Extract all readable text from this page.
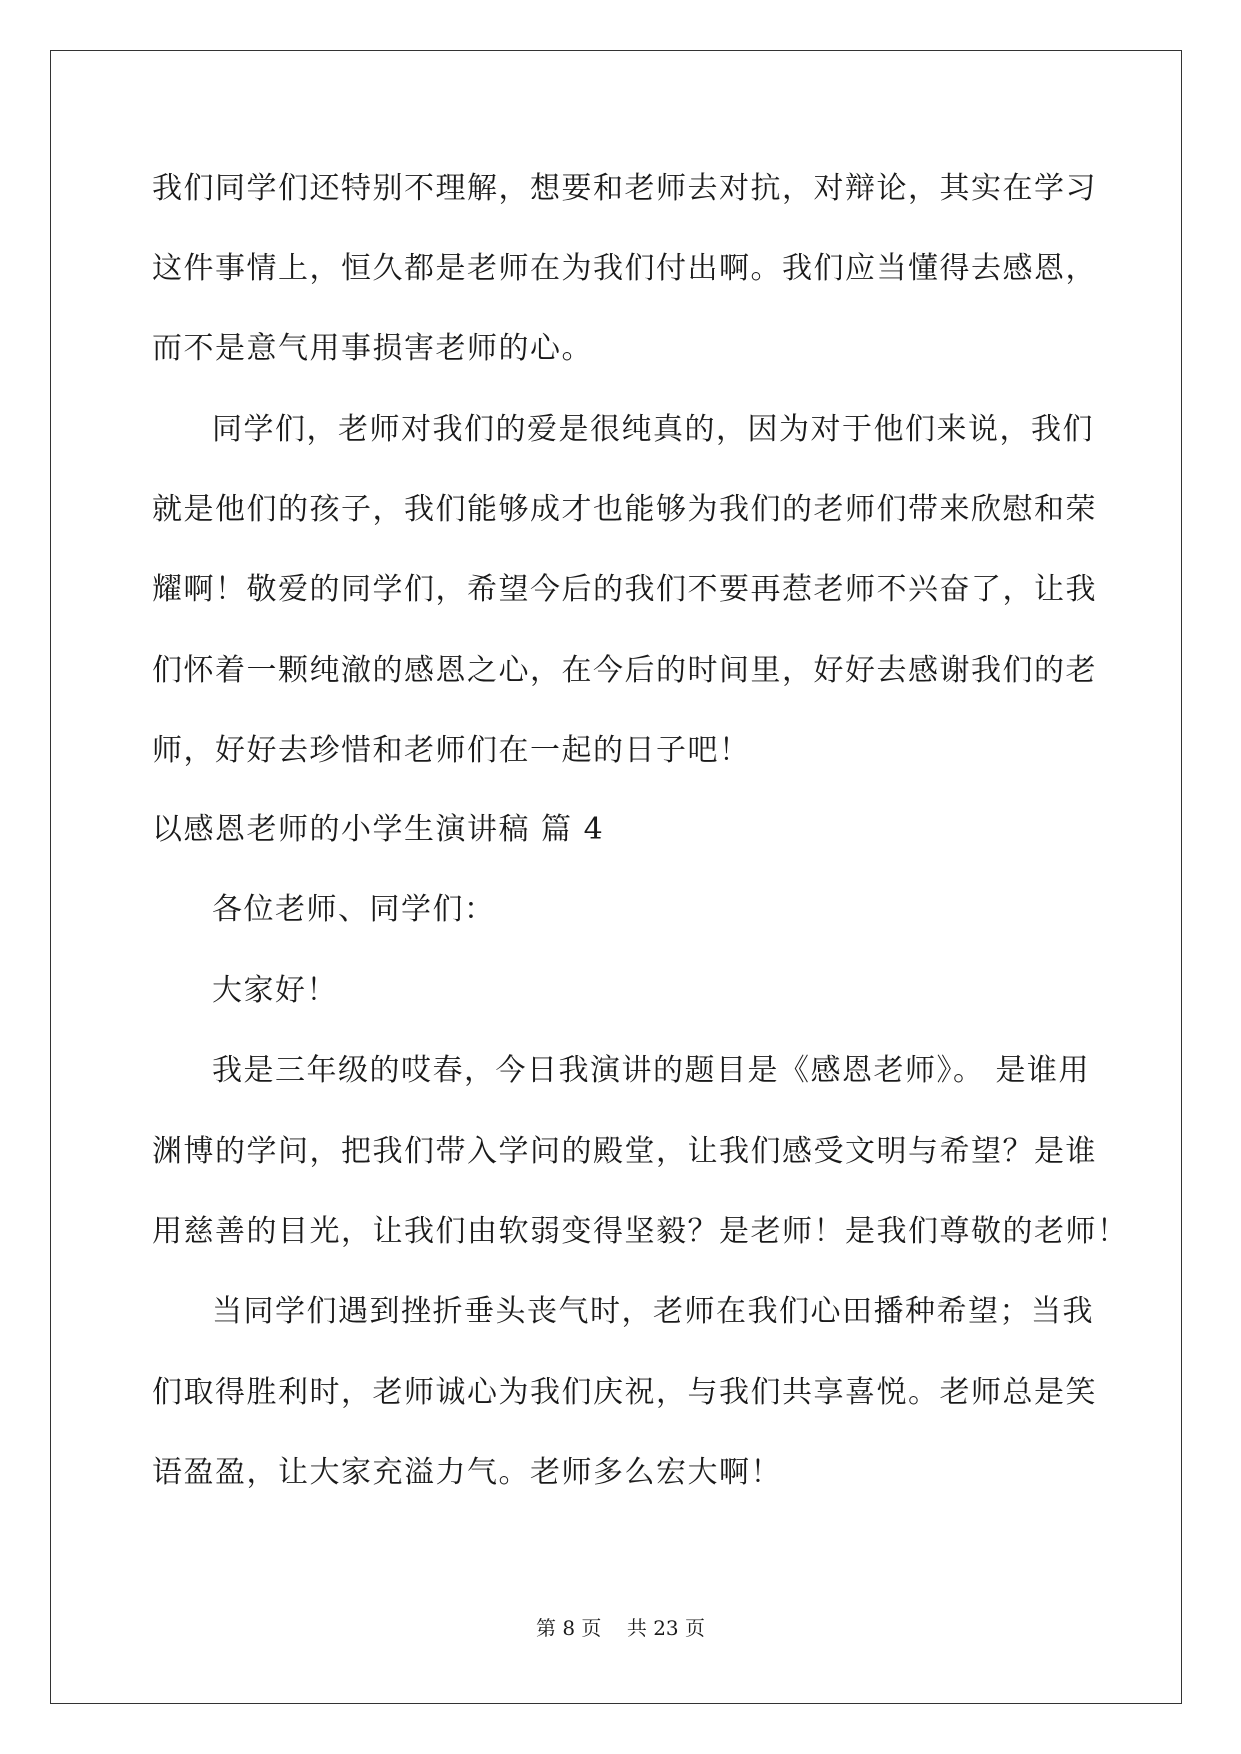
我们同学们还特别不理解，想要和老师去对抗，对辩论，其实在学习
这件事情上，恒久都是老师在为我们付出啊。我们应当懂得去感恩，
而不是意气用事损害老师的心。
同学们，老师对我们的爱是很纯真的，因为对于他们来说，我们
就是他们的孩子，我们能够成才也能够为我们的老师们带来欣慰和荣
耀啊！敬爱的同学们，希望今后的我们不要再惹老师不兴奋了，让我
们怀着一颗纯澈的感恩之心，在今后的时间里，好好去感谢我们的老
师，好好去珍惜和老师们在一起的日子吧！
以感恩老师的小学生演讲稿 篇 4
各位老师、同学们：
大家好！
我是三年级的哎春，今日我演讲的题目是《感恩老师》。 是谁用
渊博的学问，把我们带入学问的殿堂，让我们感受文明与希望？是谁
用慈善的目光，让我们由软弱变得坚毅？是老师！是我们尊敬的老师！
当同学们遇到挫折垂头丧气时，老师在我们心田播种希望；当我
们取得胜利时，老师诚心为我们庆祝，与我们共享喜悦。老师总是笑
语盈盈，让大家充溢力气。老师多么宏大啊！
第 8 页    共 23 页
